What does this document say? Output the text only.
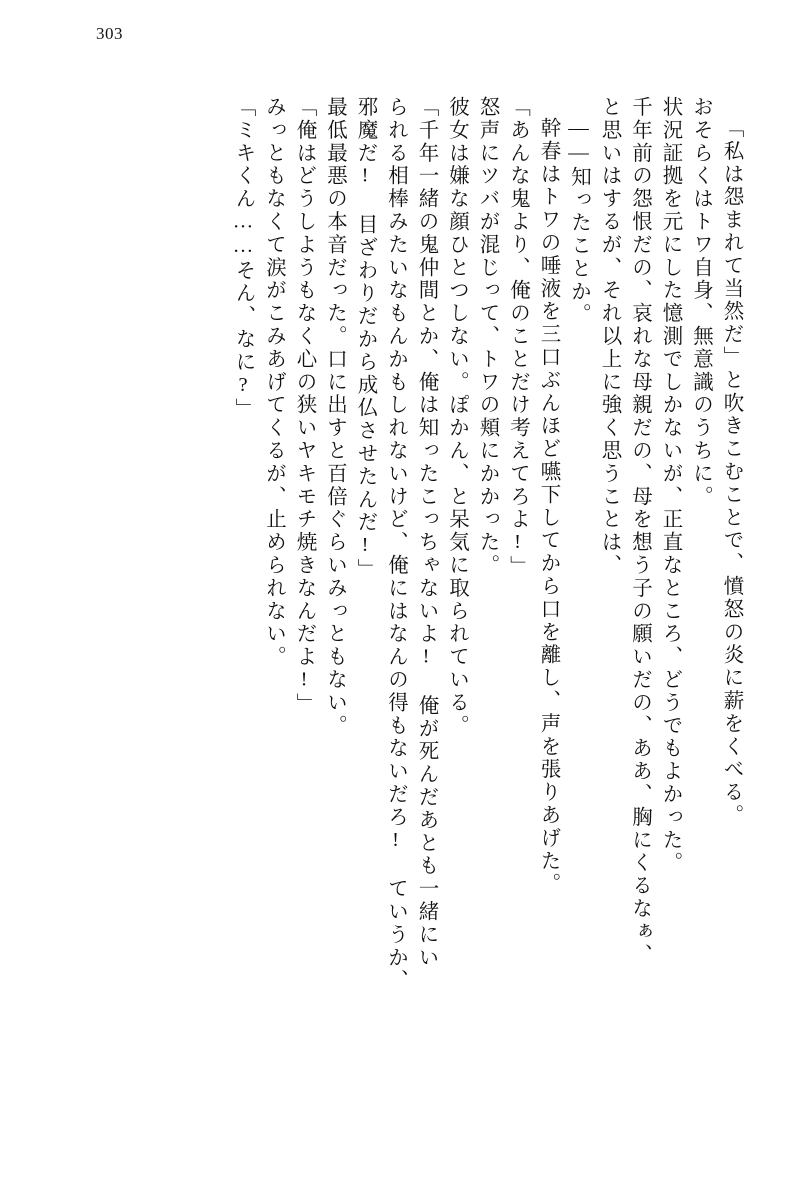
303
「私は怨まれて当然だ」と吹きこむことで、憤怒の炎に薪をくべる。
おそらくはトワ自身、無意識のうちに。
状況証拠を元にした憶測でしかないが、正直なところ、どうでもよかった。
千年前の怨恨だの、哀れな母親だの、母を想う子の願いだの、ああ、胸にくるなぁ、
と思いはするが、それ以上に強く思うことは、
――知ったことか。
幹春はトワの唾液を三口ぶんほど嚥下してから口を離し、声を張りあげた。
「あんな鬼より、俺のことだけ考えてろよ!」
怒声にツバが混じって、トワの頬にかかった。
彼女は嫌な顔ひとつしない。ぽかん、と呆気に取られている。
「千年一緒の鬼仲間とか、俺は知ったこっちゃないよ! 俺が死んだあとも一緒にい
られる相棒みたいなもんかもしれないけど、俺にはなんの得もないだろ! ていうか、
邪魔だ! 目ざわりだから成仏させたんだ!」
最低最悪の本音だった。口に出すと百倍ぐらいみっともない。
「俺はどうしようもなく心の狭いヤキモチ焼きなんだよ!」
みっともなくて涙がこみあげてくるが、止められない。
「ミキくん……そん、なに?」
